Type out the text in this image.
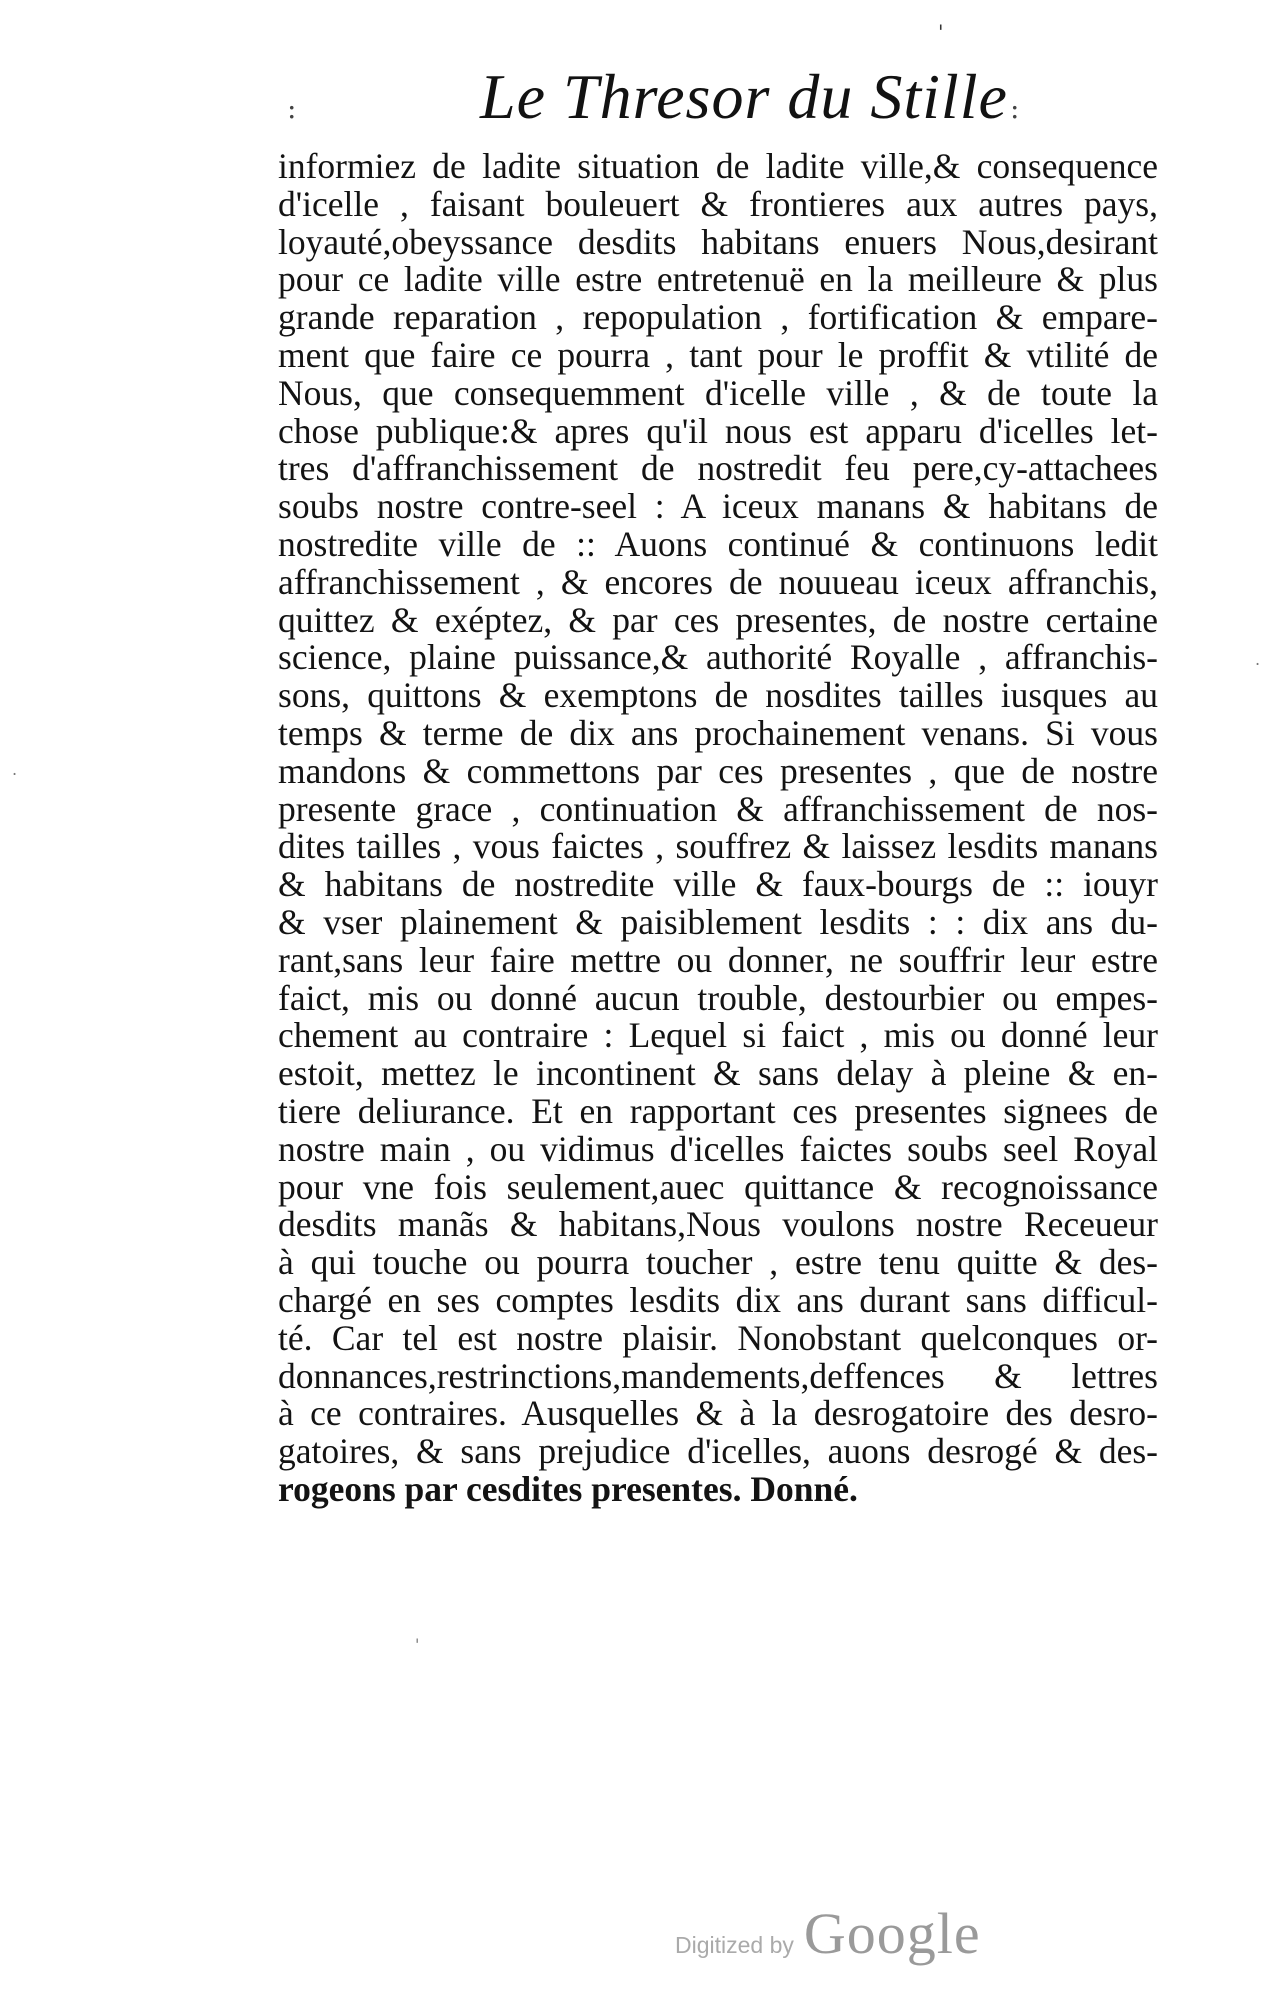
'
:	Le Thresor du Stille :
informiez de ladite situation de ladite ville,& consequence
d'icelle , faisant bouleuert & frontieres aux autres pays,
loyauté,obeyssance desdits habitans enuers Nous,desirant
pour ce ladite ville estre entretenuë en la meilleure & plus
grande reparation , repopulation , fortification & empare-
ment que faire ce pourra , tant pour le proffit & vtilité de
Nous, que consequemment d'icelle ville , & de toute la
chose publique:& apres qu'il nous est apparu d'icelles let-
tres d'affranchissement de nostredit feu pere,cy-attachees
soubs nostre contre-seel : A iceux manans & habitans de
nostredite ville de :: Auons continué & continuons ledit
affranchissement , & encores de nouueau iceux affranchis,
quittez & exéptez, & par ces presentes, de nostre certaine
science, plaine puissance,& authorité Royalle , affranchis-
sons, quittons & exemptons de nosdites tailles iusques au
temps & terme de dix ans prochainement venans. Si vous
mandons & commettons par ces presentes , que de nostre
presente grace , continuation & affranchissement de nos-
dites tailles , vous faictes , souffrez & laissez lesdits manans
& habitans de nostredite ville & faux-bourgs de :: iouyr
& vser plainement & paisiblement lesdits : : dix ans du-
rant,sans leur faire mettre ou donner, ne souffrir leur estre
faict, mis ou donné aucun trouble, destourbier ou empes-
chement au contraire : Lequel si faict , mis ou donné leur
estoit, mettez le incontinent & sans delay à pleine & en-
tiere deliurance. Et en rapportant ces presentes signees de
nostre main , ou vidimus d'icelles faictes soubs seel Royal
pour vne fois seulement,auec quittance & recognoissance
desdits manãs & habitans,Nous voulons nostre Receueur
à qui touche ou pourra toucher , estre tenu quitte & des-
chargé en ses comptes lesdits dix ans durant sans difficul-
té. Car tel est nostre plaisir. Nonobstant quelconques or-
donnances,restrinctions,mandements,deffences & lettres
à ce contraires. Ausquelles & à la desrogatoire des desro-
gatoires, & sans prejudice d'icelles, auons desrogé & des-
rogeons par cesdites presentes. Donné.
.
.
'
Digitized by Google
